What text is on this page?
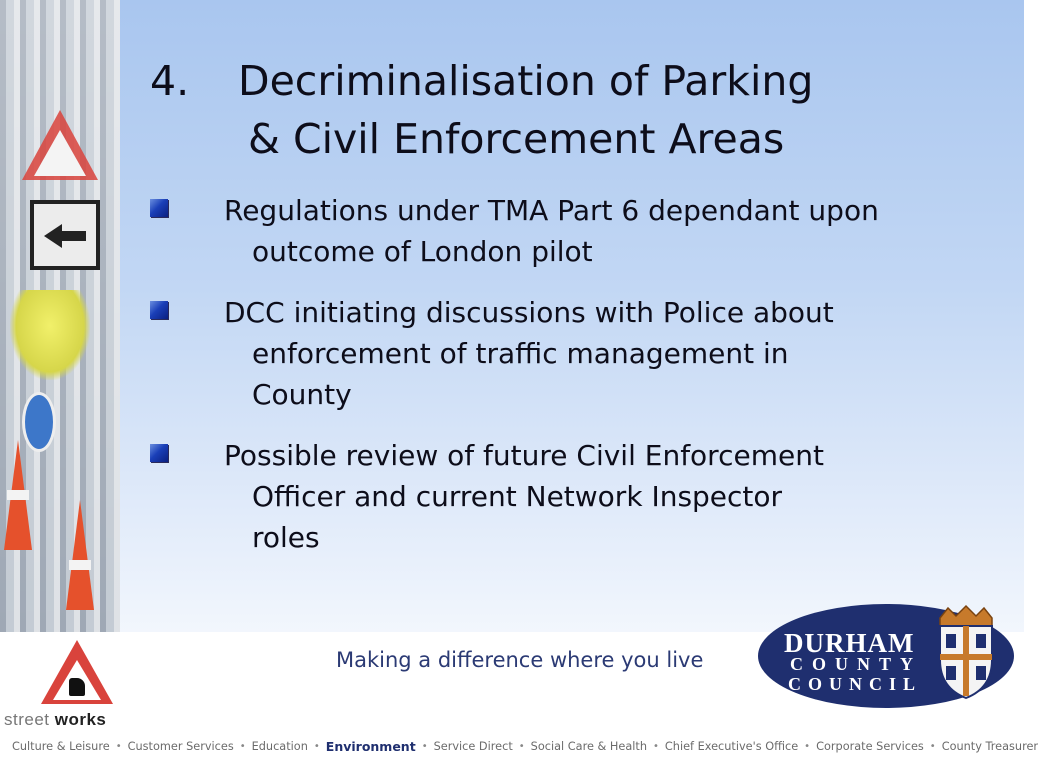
4. Decriminalisation of Parking
& Civil Enforcement Areas
Regulations under TMA Part 6 dependant upon
outcome of London pilot
DCC initiating discussions with Police about
enforcement of traffic management in
County
Possible review of future Civil Enforcement
Officer and current Network Inspector
roles
street works
Making a difference where you live
DURHAM
COUNTY
COUNCIL
Culture & Leisure • Customer Services • Education • Environment • Service Direct • Social Care & Health • Chief Executive's Office • Corporate Services • County Treasurer
